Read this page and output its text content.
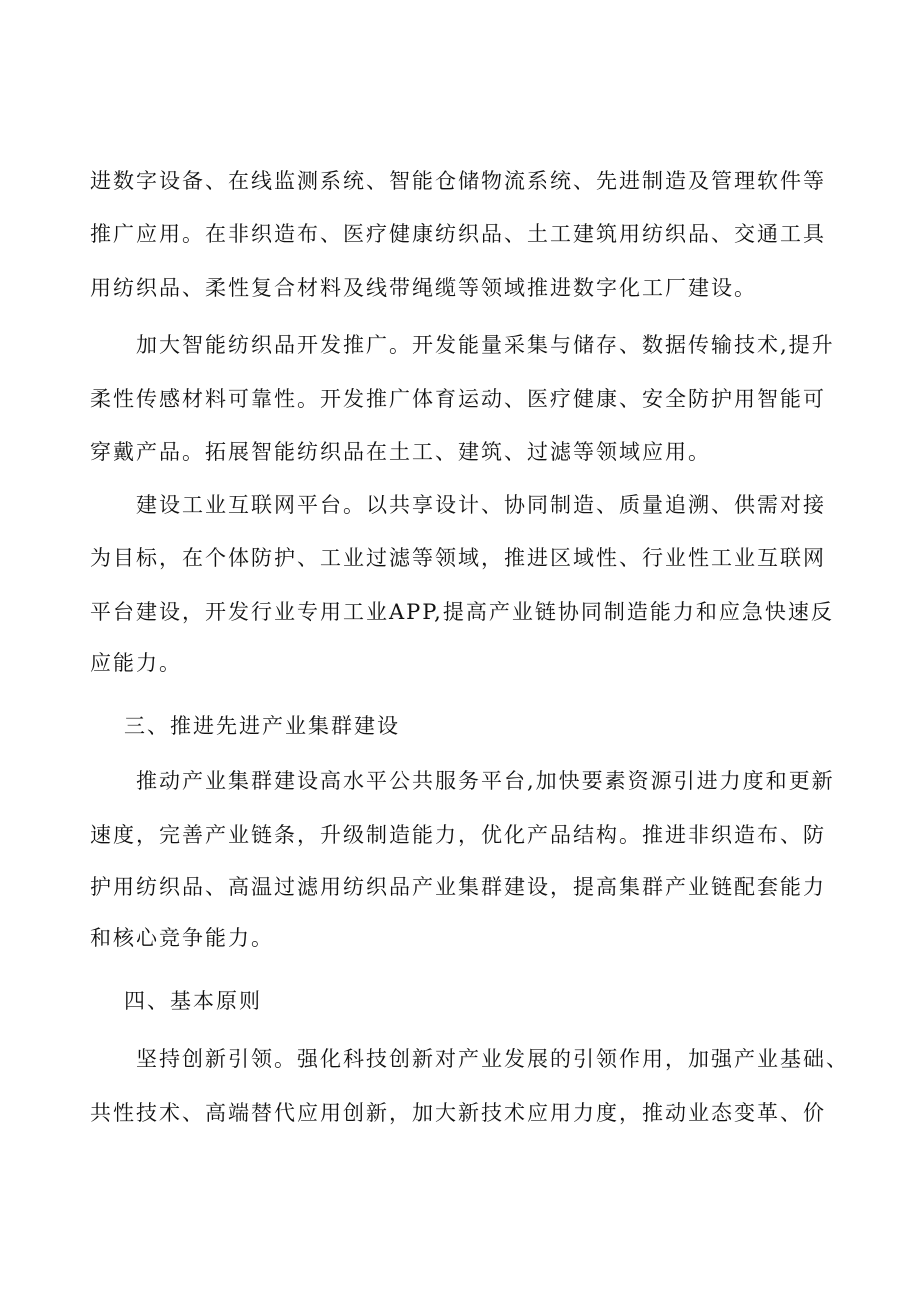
进数字设备、在线监测系统、智能仓储物流系统、先进制造及管理软件等
推广应用。在非织造布、医疗健康纺织品、土工建筑用纺织品、交通工具
用纺织品、柔性复合材料及线带绳缆等领域推进数字化工厂建设。
加大智能纺织品开发推广。开发能量采集与储存、数据传输技术,提升
柔性传感材料可靠性。开发推广体育运动、医疗健康、安全防护用智能可
穿戴产品。拓展智能纺织品在土工、建筑、过滤等领域应用。
建设工业互联网平台。以共享设计、协同制造、质量追溯、供需对接
为目标，在个体防护、工业过滤等领域，推进区域性、行业性工业互联网
平台建设，开发行业专用工业APP,提高产业链协同制造能力和应急快速反
应能力。
三、推进先进产业集群建设
推动产业集群建设高水平公共服务平台,加快要素资源引进力度和更新
速度，完善产业链条，升级制造能力，优化产品结构。推进非织造布、防
护用纺织品、高温过滤用纺织品产业集群建设，提高集群产业链配套能力
和核心竞争能力。
四、基本原则
坚持创新引领。强化科技创新对产业发展的引领作用，加强产业基础、
共性技术、高端替代应用创新，加大新技术应用力度，推动业态变革、价
